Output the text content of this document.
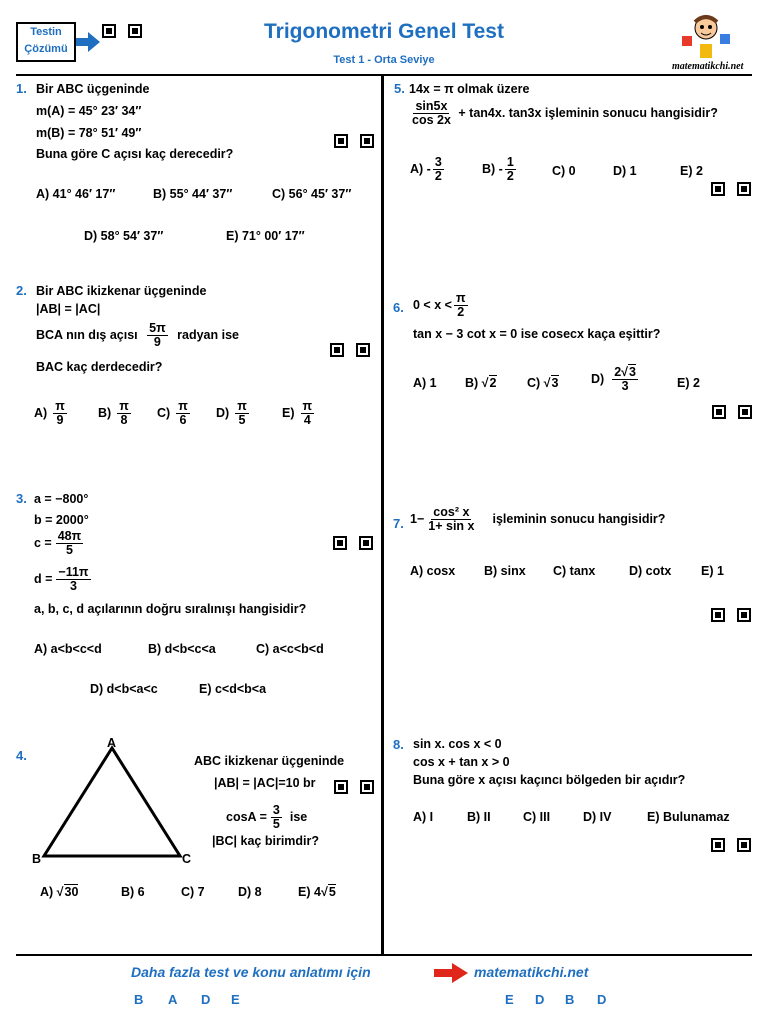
Testin
Çözümü
Trigonometri Genel Test
Test 1 - Orta Seviye
matematikchi.net
1. Bir ABC üçgeninde
m(A) = 45° 23′ 34″
m(B) = 78° 51′ 49″
Buna göre C açısı kaç derecedir?
A) 41° 46′ 17″	B) 55° 44′ 37″	C) 56° 45′ 37″
D) 58° 54′ 37″	E) 71° 00′ 17″
2. Bir ABC ikizkenar üçgeninde
|AB| = |AC|
BCA nın dış açısı $\frac{5\pi}{9}$ radyan ise
BAC kaç derdecedir?
$A) \frac{\pi}{9} B) \frac{\pi}{8} C) \frac{\pi}{6} D) \frac{\pi}{5}$	$E) \frac{\pi}{4}$
3. a = −800°
b = 2000°
$c = \frac{48\pi}{5}$
$d = \frac{-11\pi}{3}$
a, b, c, d açılarının doğru sıralınışı hangisidir?
A) a<b<c<d	B) d<b<c<a	C) a<c<b<d
D) d<b<a<c	E) c<d<b<a
4.
A
B	C
ABC ikizkenar üçgeninde
|AB| = |AC|=10 br
$\cos A = \frac{3}{5}$ ise
|BC| kaç birimdir?
A) √30	B) 6	C) 7	D) 8	E) 4√5
5. 14x = π olmak üzere
$\frac{\sin 5x}{\cos 2x} + \tan 4x$. tan3x işleminin sonucu hangisidir?
$A) - \frac{3}{2}$	$B) - \frac{1}{2}$	C) 0	D) 1	E) 2
6. $0 < x < \frac{\pi}{2}$
tan x − 3 cot x = 0 ise cosecx kaça eşittir?
A) 1 B) √2 C) √3	$D) \frac{2√3}{3}$	E) 2
7. $1- \frac{\text{cos² x}}{\text{1+ sin x}}$ işleminin sonucu hangisidir?
A) cosx B) sinx C) tanx	D) cotx E) 1
8. sin x. cos x < 0
cos x + tan x > 0
Buna göre x açısı kaçıncı bölgeden bir açıdır?
A) I	B) II	C) III	D) IV	E) Bulunamaz
Daha fazla test ve konu anlatımı için	matematikchi.net
B A D E	E D B D
